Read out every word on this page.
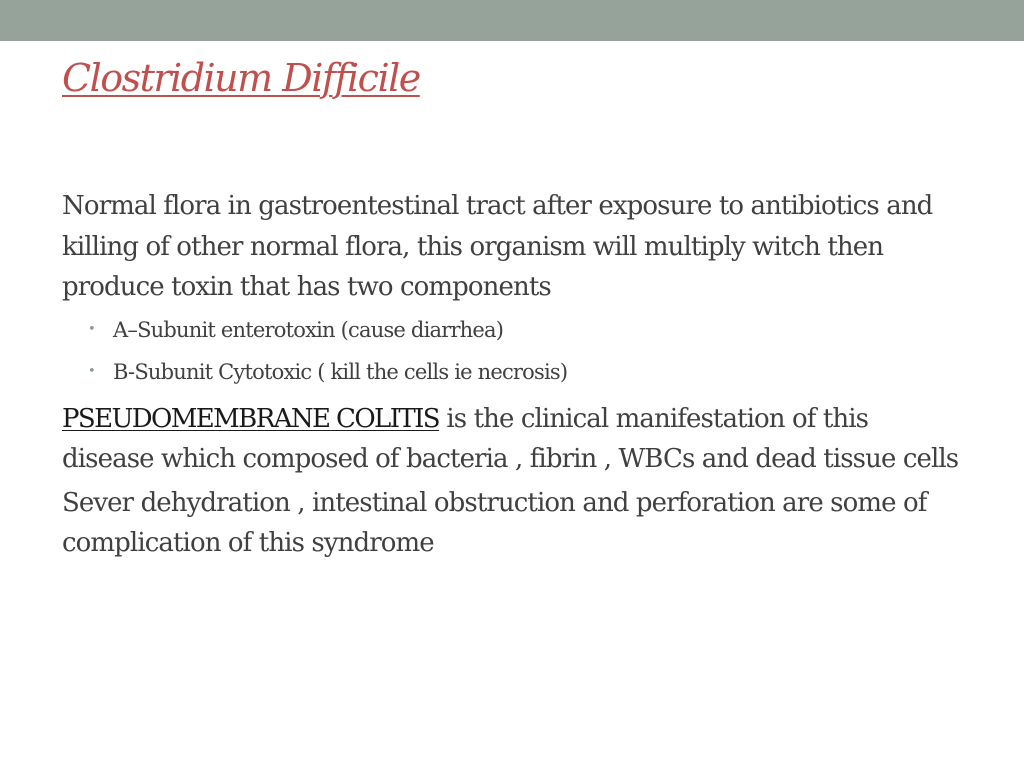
Clostridium Difficile

Normal flora in gastroentestinal tract after exposure to antibiotics and killing of other normal flora, this organism will multiply witch then produce toxin that has two components

• A–Subunit enterotoxin (cause diarrhea)
• B-Subunit Cytotoxic ( kill the cells ie necrosis)

PSEUDOMEMBRANE COLITIS is the clinical manifestation of this disease which composed of bacteria , fibrin , WBCs and dead tissue cells

Sever dehydration , intestinal obstruction and perforation are some of complication of this syndrome
